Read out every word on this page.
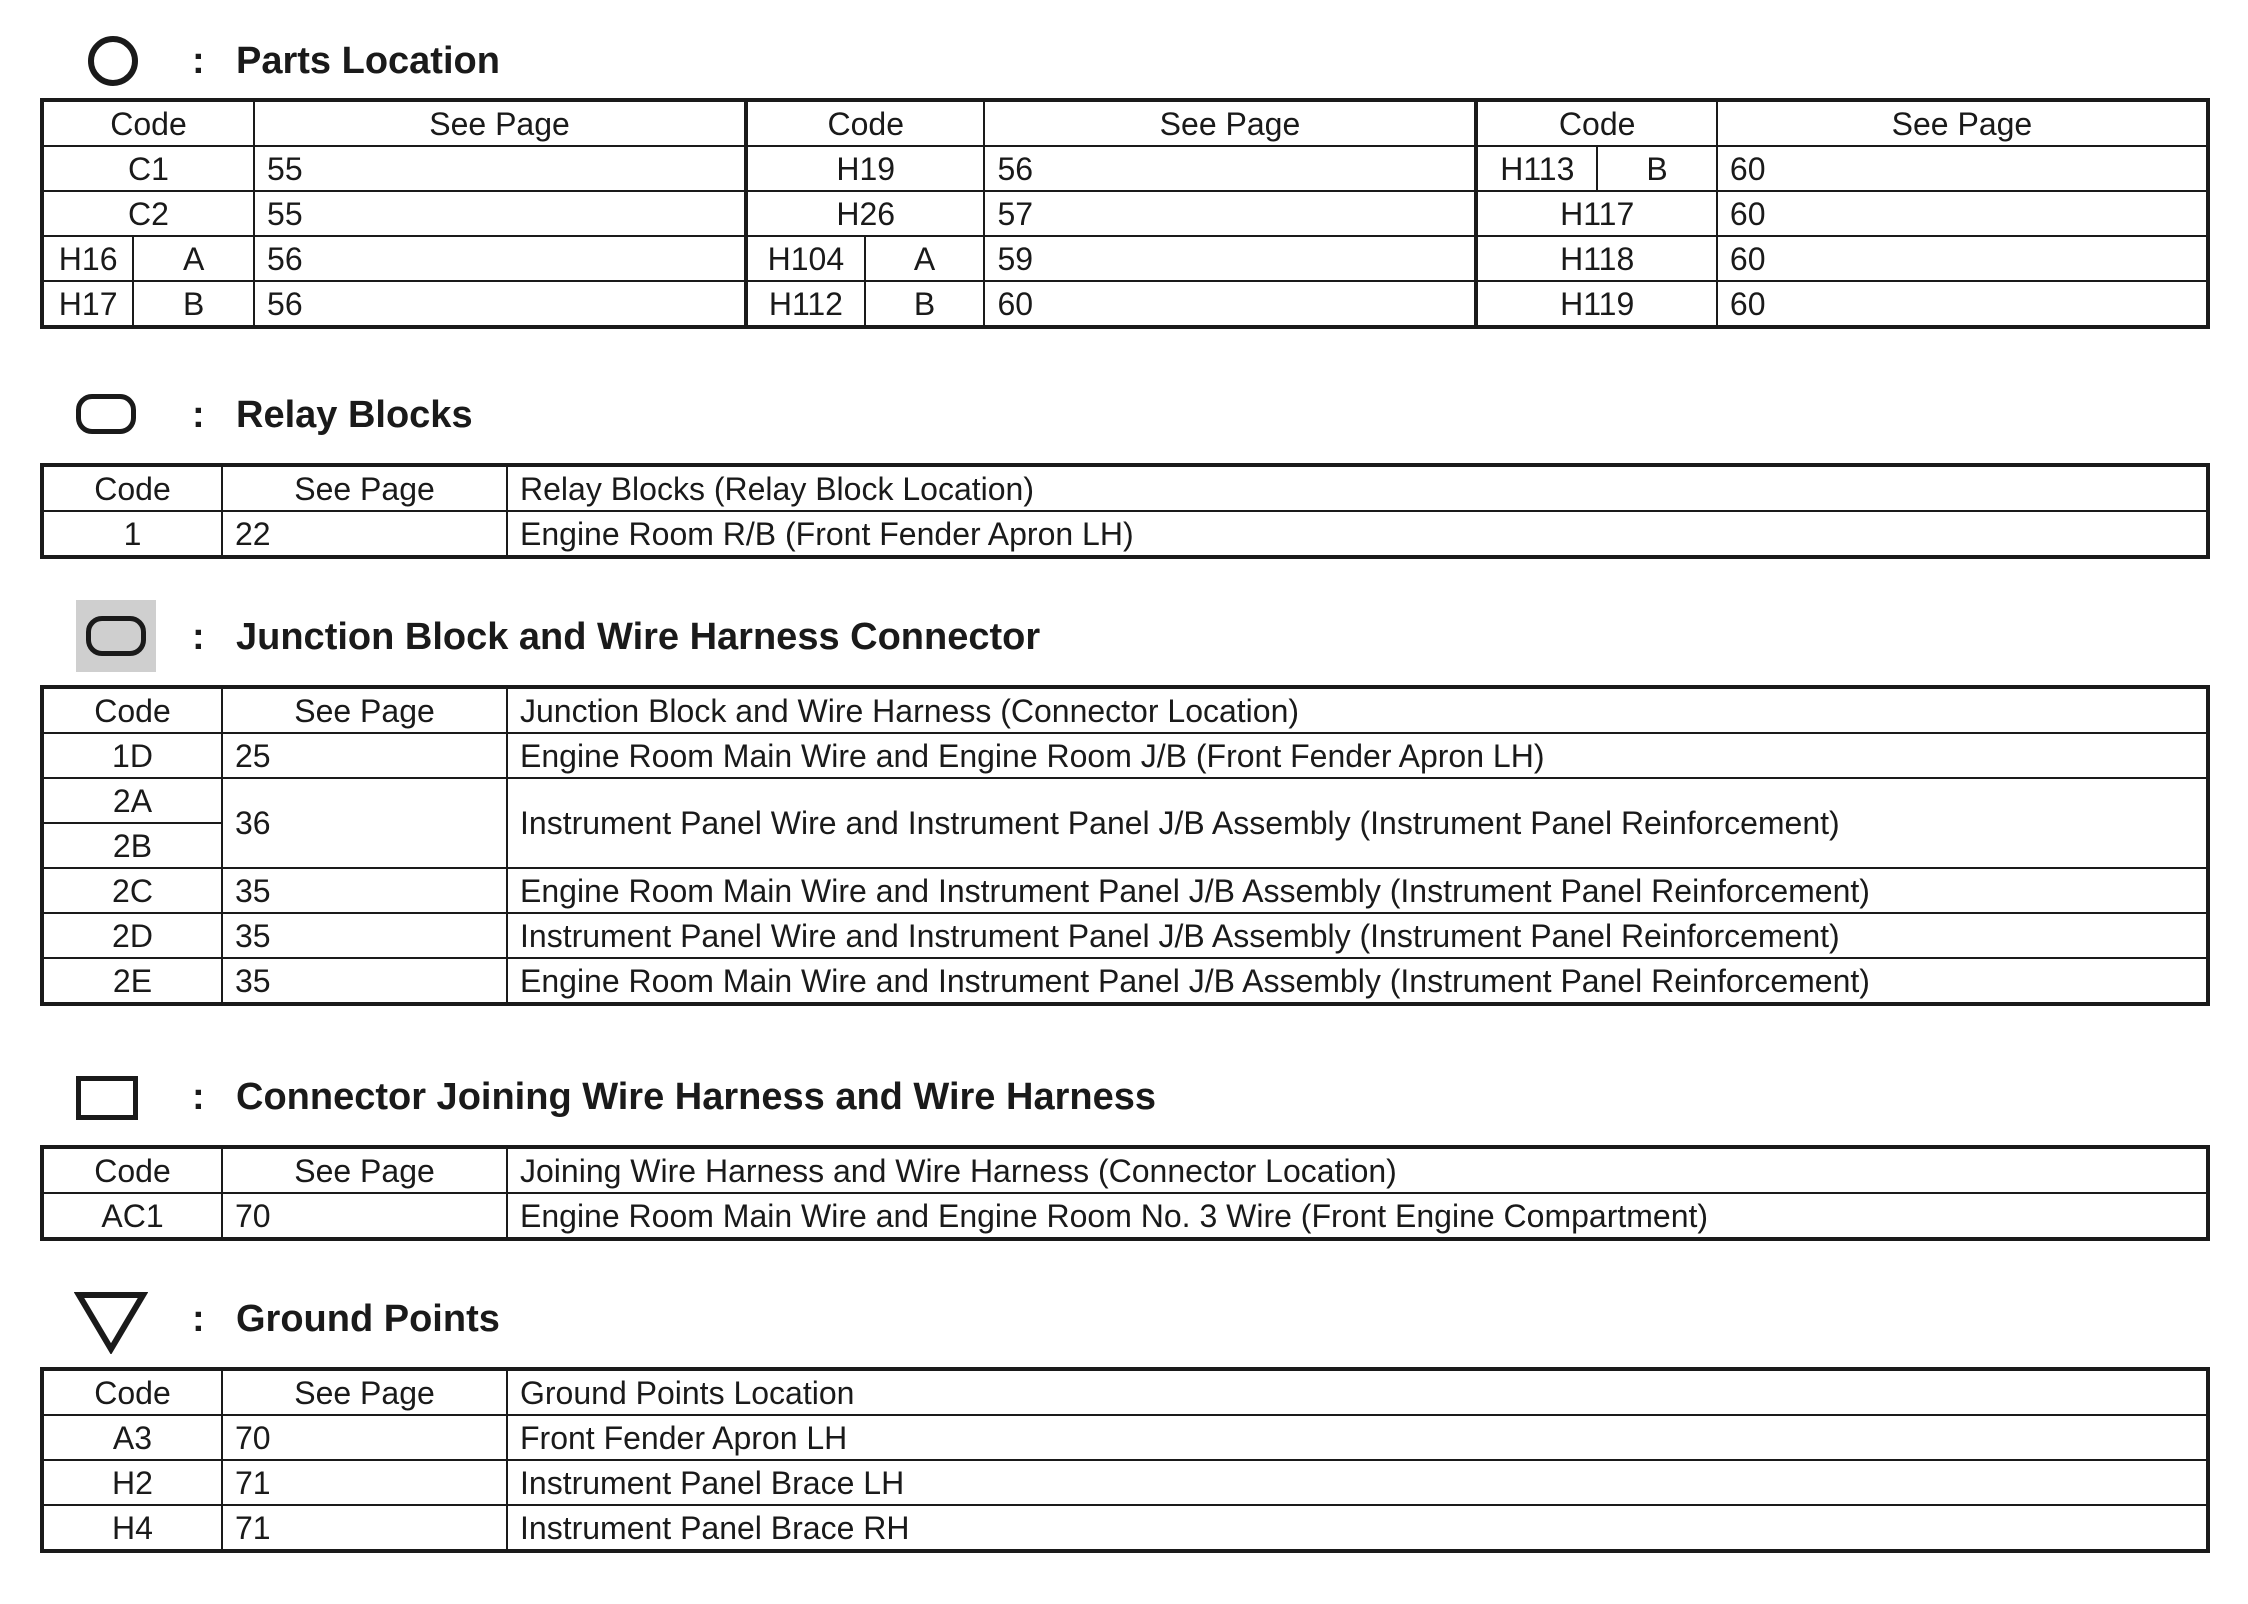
: Parts Location
Code		See Page	Code		See Page	Code		See Page
C1		55	H19		56	H113	B	60
C2		55	H26		57	H117		60
H16	A	56	H104	A	59	H118		60
H17	B	56	H112	B	60	H119		60
: Relay Blocks
Code	See Page	Relay Blocks (Relay Block Location)
1	22	Engine Room R/B (Front Fender Apron LH)
: Junction Block and Wire Harness Connector
Code	See Page	Junction Block and Wire Harness (Connector Location)
1D	25	Engine Room Main Wire and Engine Room J/B (Front Fender Apron LH)
2A	36	Instrument Panel Wire and Instrument Panel J/B Assembly (Instrument Panel Reinforcement)
2B		
2C	35	Engine Room Main Wire and Instrument Panel J/B Assembly (Instrument Panel Reinforcement)
2D	35	Instrument Panel Wire and Instrument Panel J/B Assembly (Instrument Panel Reinforcement)
2E	35	Engine Room Main Wire and Instrument Panel J/B Assembly (Instrument Panel Reinforcement)
: Connector Joining Wire Harness and Wire Harness
Code	See Page	Joining Wire Harness and Wire Harness (Connector Location)
AC1	70	Engine Room Main Wire and Engine Room No. 3 Wire (Front Engine Compartment)
: Ground Points
Code	See Page	Ground Points Location
A3	70	Front Fender Apron LH
H2	71	Instrument Panel Brace LH
H4	71	Instrument Panel Brace RH
